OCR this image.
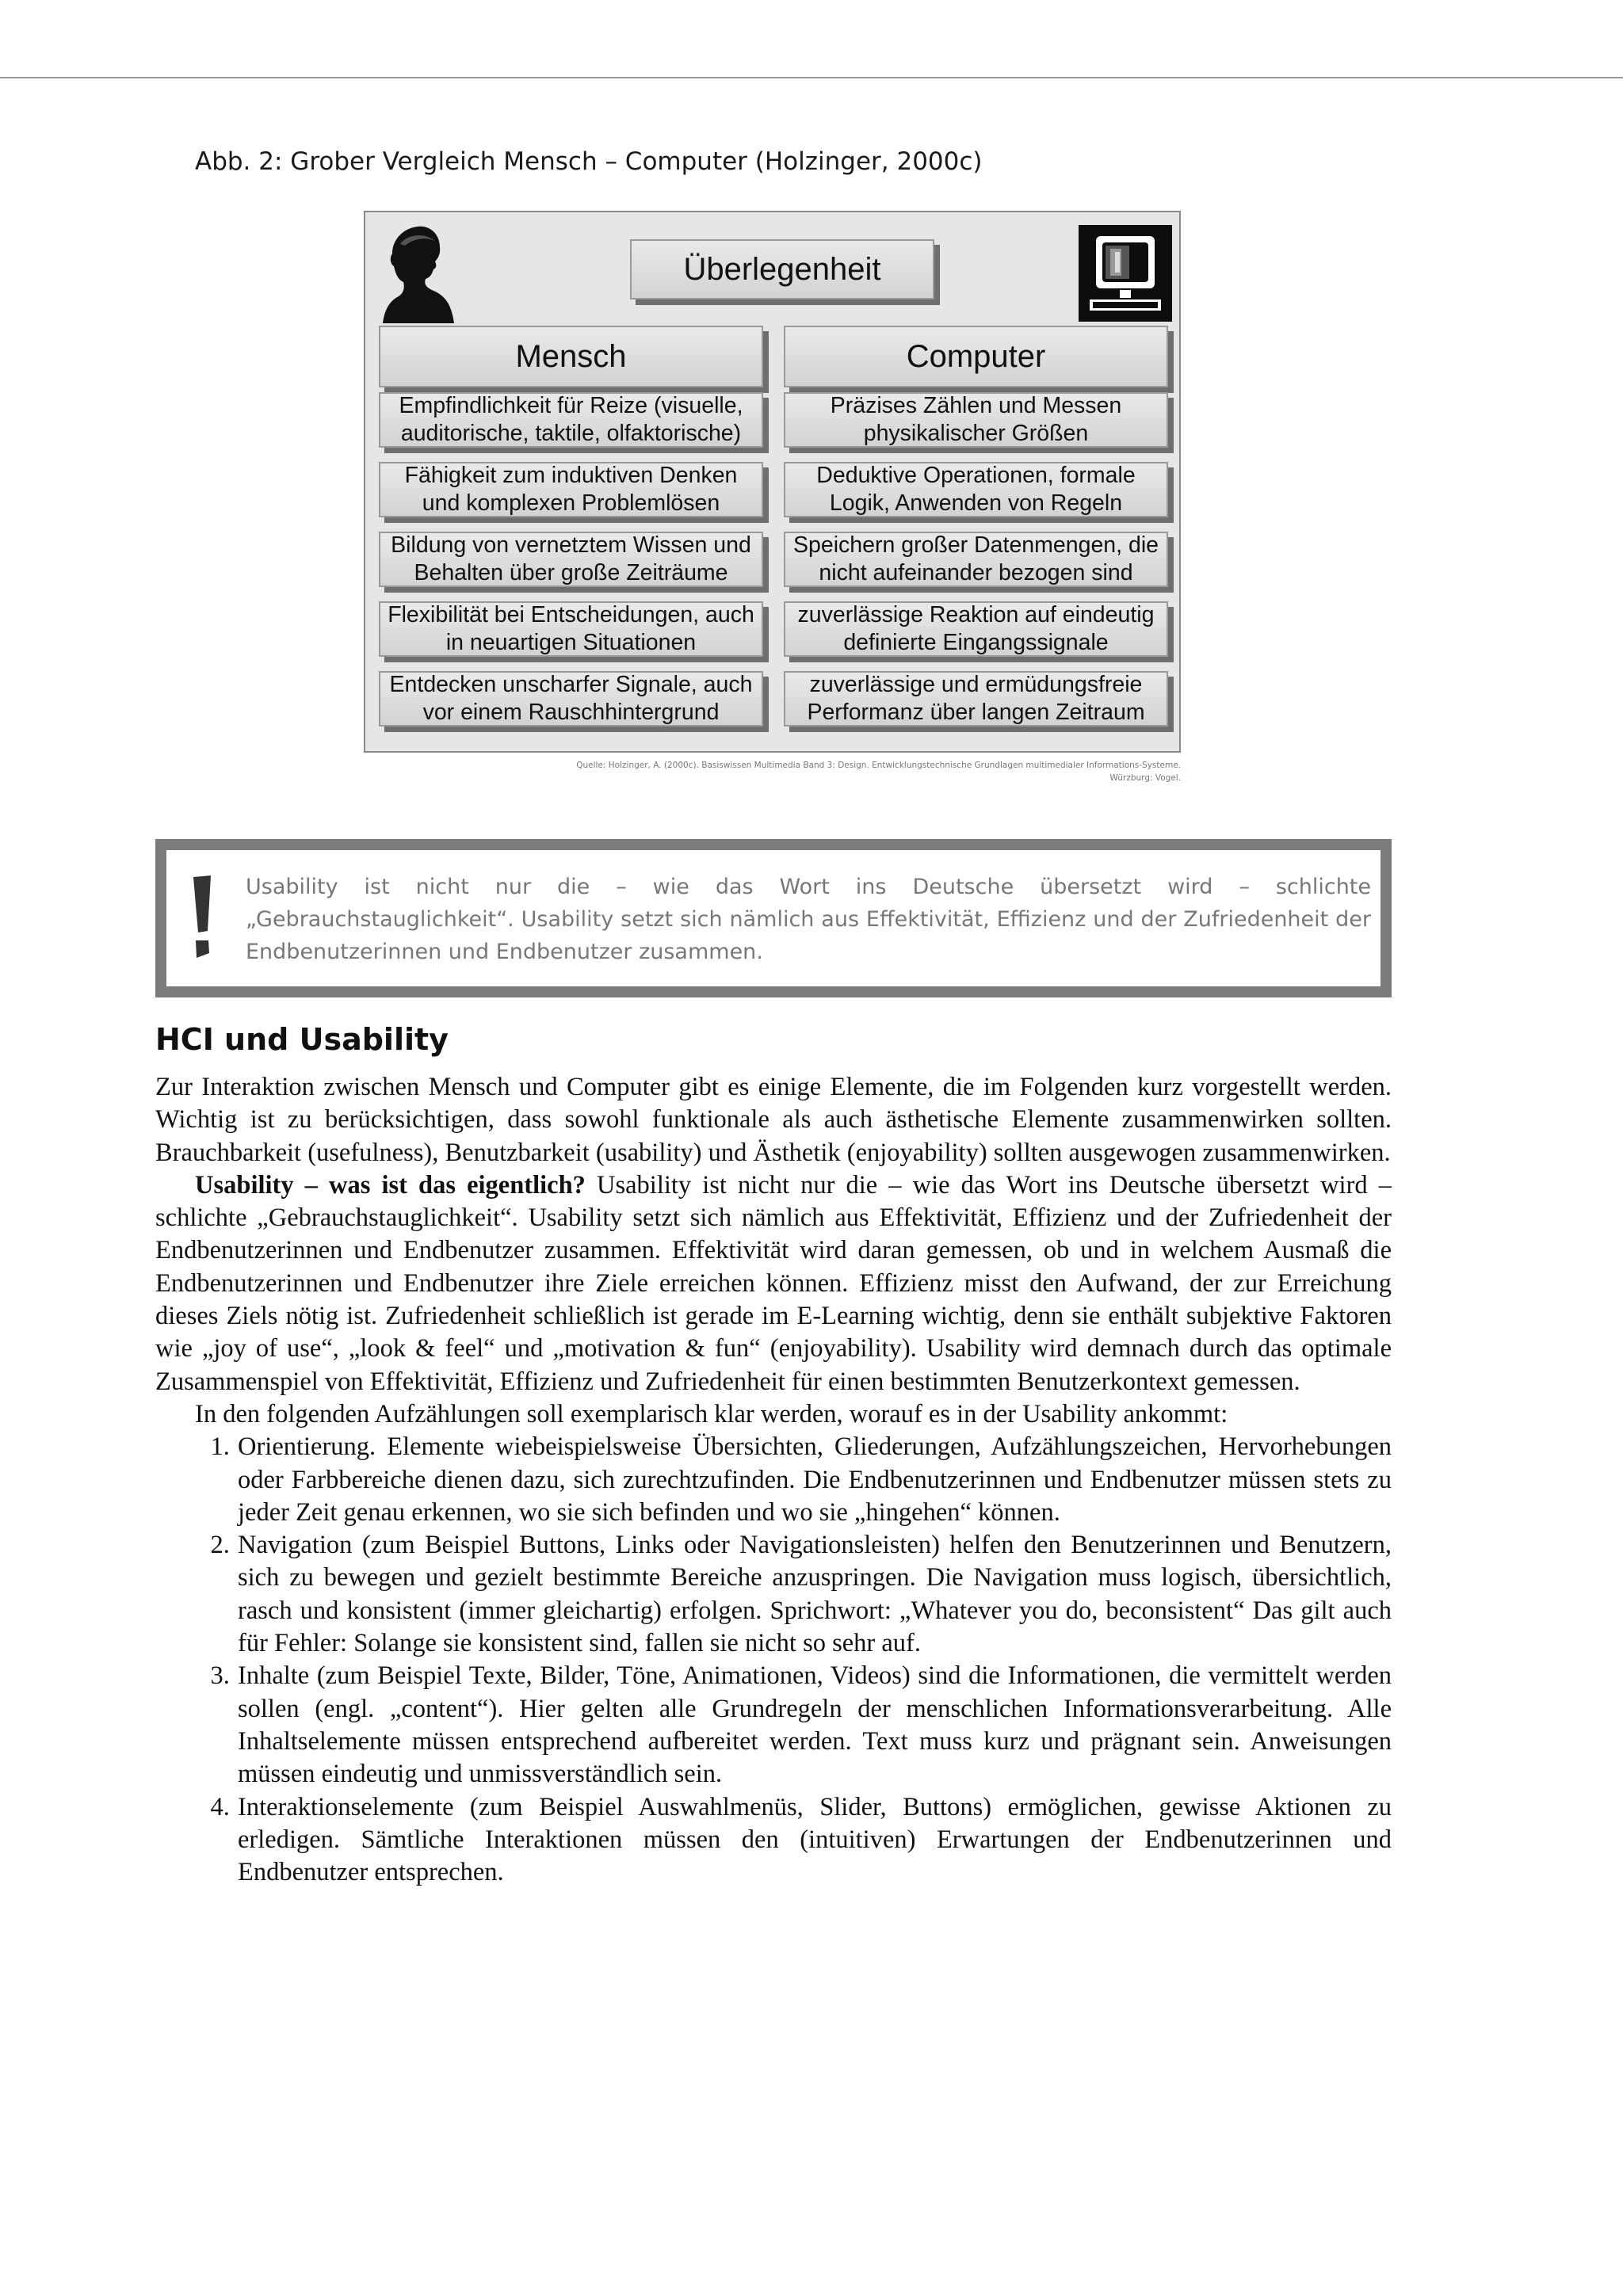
Abb. 2: Grober Vergleich Mensch – Computer (Holzinger, 2000c)
Überlegenheit
Mensch	Computer
Empfindlichkeit für Reize (visuelle, auditorische, taktile, olfaktorische)
Präzises Zählen und Messen physikalischer Größen
Fähigkeit zum induktiven Denken und komplexen Problemlösen
Deduktive Operationen, formale Logik, Anwenden von Regeln
Bildung von vernetztem Wissen und Behalten über große Zeiträume
Speichern großer Datenmengen, die nicht aufeinander bezogen sind
Flexibilität bei Entscheidungen, auch in neuartigen Situationen
zuverlässige Reaktion auf eindeutig definierte Eingangssignale
Entdecken unscharfer Signale, auch vor einem Rauschhintergrund
zuverlässige und ermüdungsfreie Performanz über langen Zeitraum
Quelle: Holzinger, A. (2000c). Basiswissen Multimedia Band 3: Design. Entwicklungstechnische Grundlagen multimedialer Informations-Systeme.
Würzburg: Vogel.
Usability ist nicht nur die – wie das Wort ins Deutsche übersetzt wird – schlichte „Gebrauchstauglichkeit“. Usability setzt sich nämlich aus Effektivität, Effizienz und der Zufriedenheit der Endbenutzerinnen und Endbenutzer zusammen.
HCI und Usability

Zur Interaktion zwischen Mensch und Computer gibt es einige Elemente, die im Folgenden kurz vorgestellt werden. Wichtig ist zu berücksichtigen, dass sowohl funktionale als auch ästhetische Elemente zusammenwirken sollten. Brauchbarkeit (usefulness), Benutzbarkeit (usability) und Ästhetik (enjoyability) sollten ausgewogen zusammenwirken.

Usability – was ist das eigentlich? Usability ist nicht nur die – wie das Wort ins Deutsche übersetzt wird – schlichte „Gebrauchstauglichkeit“. Usability setzt sich nämlich aus Effektivität, Effizienz und der Zufriedenheit der Endbenutzerinnen und Endbenutzer zusammen. Effektivität wird daran gemessen, ob und in welchem Ausmaß die Endbenutzerinnen und Endbenutzer ihre Ziele erreichen können. Effizienz misst den Aufwand, der zur Erreichung dieses Ziels nötig ist. Zufriedenheit schließlich ist gerade im E-Learning wichtig, denn sie enthält subjektive Faktoren wie „joy of use“, „look & feel“ und „motivation & fun“ (enjoyability). Usability wird demnach durch das optimale Zusammenspiel von Effektivität, Effizienz und Zufriedenheit für einen bestimmten Benutzerkontext gemessen.

In den folgenden Aufzählungen soll exemplarisch klar werden, worauf es in der Usability ankommt:

1. Orientierung. Elemente wiebeispielsweise Übersichten, Gliederungen, Aufzählungszeichen, Hervorhebungen oder Farbbereiche dienen dazu, sich zurechtzufinden. Die Endbenutzerinnen und Endbenutzer müssen stets zu jeder Zeit genau erkennen, wo sie sich befinden und wo sie „hingehen“ können.
2. Navigation (zum Beispiel Buttons, Links oder Navigationsleisten) helfen den Benutzerinnen und Benutzern, sich zu bewegen und gezielt bestimmte Bereiche anzuspringen. Die Navigation muss logisch, übersichtlich, rasch und konsistent (immer gleichartig) erfolgen. Sprichwort: „Whatever you do, beconsistent“ Das gilt auch für Fehler: Solange sie konsistent sind, fallen sie nicht so sehr auf.
3. Inhalte (zum Beispiel Texte, Bilder, Töne, Animationen, Videos) sind die Informationen, die vermittelt werden sollen (engl. „content“). Hier gelten alle Grundregeln der menschlichen Informationsverarbeitung. Alle Inhaltselemente müssen entsprechend aufbereitet werden. Text muss kurz und prägnant sein. Anweisungen müssen eindeutig und unmissverständlich sein.
4. Interaktionselemente (zum Beispiel Auswahlmenüs, Slider, Buttons) ermöglichen, gewisse Aktionen zu erledigen. Sämtliche Interaktionen müssen den (intuitiven) Erwartungen der Endbenutzerinnen und Endbenutzer entsprechen.
